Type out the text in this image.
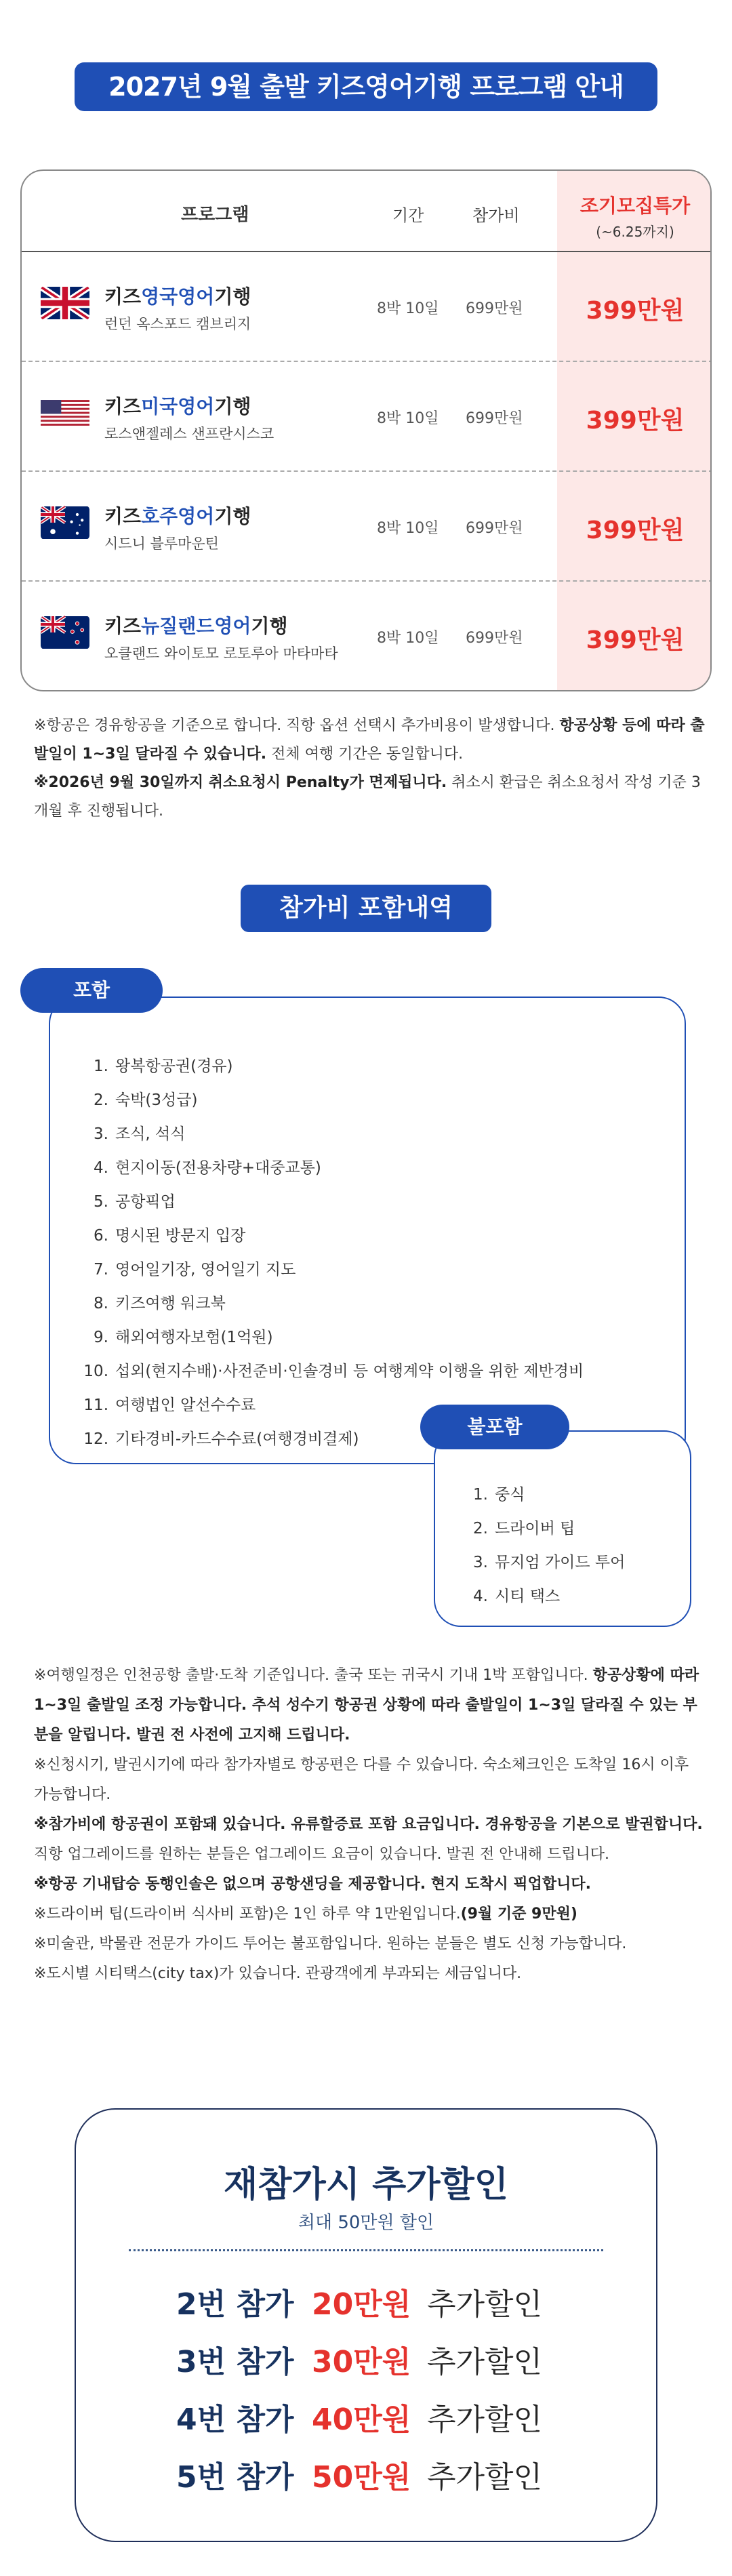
2027년 9월 출발 키즈영어기행 프로그램 안내
프로그램	기간	참가비	조기모집특가
(~6.25까지)
키즈영국영어기행
런던 옥스포드 캠브리지
8박 10일 699만원	399만원
키즈미국영어기행
로스앤젤레스 샌프란시스코
8박 10일 699만원	399만원
키즈호주영어기행
시드니 블루마운틴
8박 10일 699만원	399만원
키즈뉴질랜드영어기행
오클랜드 와이토모 로토루아 마타마타
8박 10일 699만원	399만원

※항공은 경유항공을 기준으로 합니다. 직항 옵션 선택시 추가비용이 발생합니다. 항공상황 등에 따라 출발일이 1~3일 달라질 수 있습니다. 전체 여행 기간은 동일합니다.

※2026년 9월 30일까지 취소요청시 Penalty가 면제됩니다. 취소시 환급은 취소요청서 작성 기준 3개월 후 진행됩니다.

참가비 포함내역
포함
1. 왕복항공권(경유)
2. 숙박(3성급)
3. 조식, 석식
4. 현지이동(전용차량+대중교통)
5. 공항픽업
6. 명시된 방문지 입장
7. 영어일기장, 영어일기 지도
8. 키즈여행 워크북
9. 해외여행자보험(1억원)
10. 섭외(현지수배)·사전준비·인솔경비 등 여행계약 이행을 위한 제반경비
11. 여행법인 알선수수료
12. 기타경비-카드수수료(여행경비결제)
불포함
1. 중식
2. 드라이버 팁
3. 뮤지엄 가이드 투어
4. 시티 택스

※여행일정은 인천공항 출발·도착 기준입니다. 출국 또는 귀국시 기내 1박 포함입니다. 항공상황에 따라 1~3일 출발일 조정 가능합니다. 추석 성수기 항공권 상황에 따라 출발일이 1~3일 달라질 수 있는 부분을 알립니다. 발권 전 사전에 고지해 드립니다.

※신청시기, 발권시기에 따라 참가자별로 항공편은 다를 수 있습니다. 숙소체크인은 도착일 16시 이후 가능합니다.

※참가비에 항공권이 포함돼 있습니다. 유류할증료 포함 요금입니다. 경유항공을 기본으로 발권합니다. 직항 업그레이드를 원하는 분들은 업그레이드 요금이 있습니다. 발권 전 안내해 드립니다.

※항공 기내탑승 동행인솔은 없으며 공항샌딩을 제공합니다. 현지 도착시 픽업합니다.

※드라이버 팁(드라이버 식사비 포함)은 1인 하루 약 1만원입니다.(9월 기준 9만원)

※미술관, 박물관 전문가 가이드 투어는 불포함입니다. 원하는 분들은 별도 신청 가능합니다.

※도시별 시티택스(city tax)가 있습니다. 관광객에게 부과되는 세금입니다.

재참가시 추가할인
최대 50만원 할인
2번 참가 20만원 추가할인
3번 참가 30만원 추가할인
4번 참가 40만원 추가할인
5번 참가 50만원 추가할인
